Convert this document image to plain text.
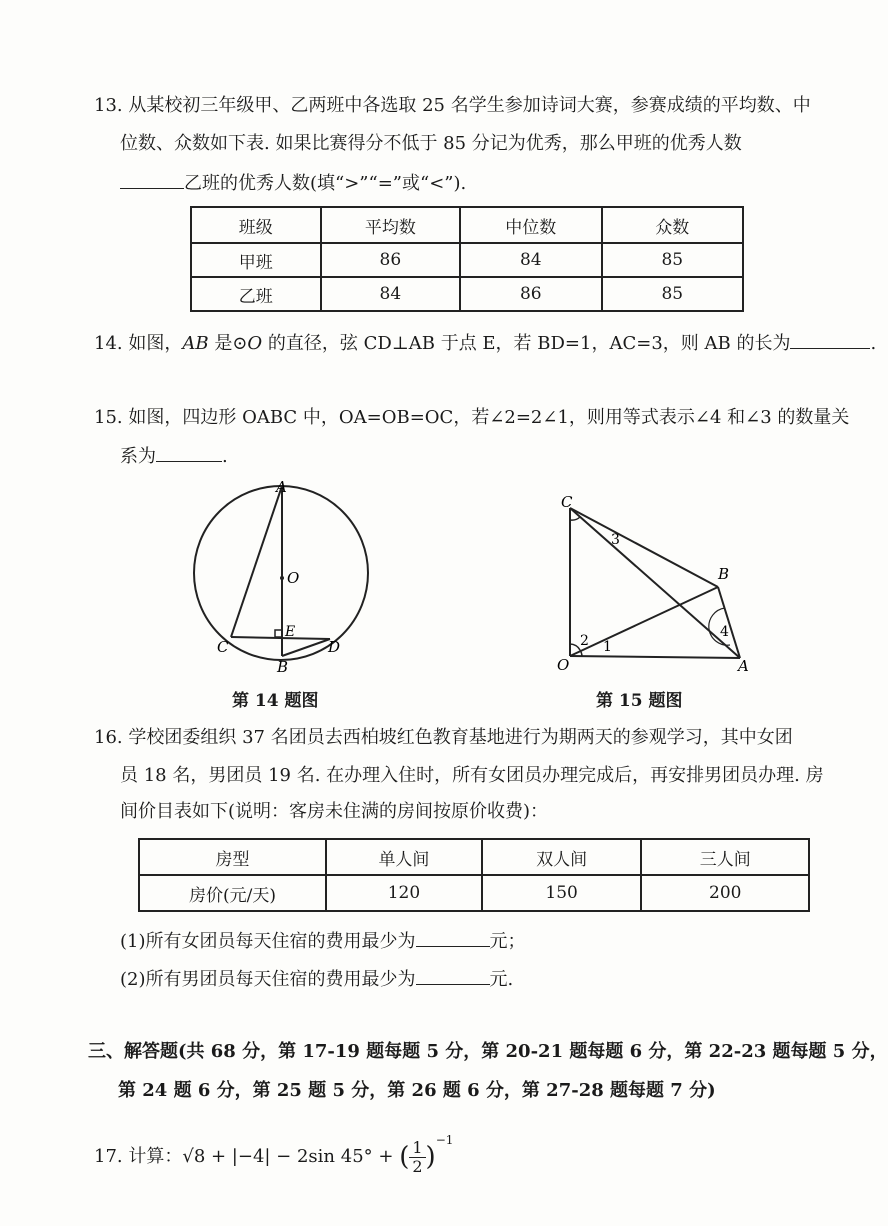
13. 从某校初三年级甲、乙两班中各选取 25 名学生参加诗词大赛，参赛成绩的平均数、中
位数、众数如下表. 如果比赛得分不低于 85 分记为优秀，那么甲班的优秀人数
乙班的优秀人数(填“>”“=”或“<”).
班级	平均数	中位数	众数
甲班	86	84	85
乙班	84	86	85
14. 如图，AB 是⊙O 的直径，弦 CD⊥AB 于点 E，若 BD=1，AC=3，则 AB 的长为	.
15. 如图，四边形 OABC 中，OA=OB=OC，若∠2=2∠1，则用等式表示∠4 和∠3 的数量关
系为	.
A
O
E
C
B
D
第 14 题图
C
B
O	A
1
2
3
4
第 15 题图
16. 学校团委组织 37 名团员去西柏坡红色教育基地进行为期两天的参观学习，其中女团
员 18 名，男团员 19 名. 在办理入住时，所有女团员办理完成后，再安排男团员办理. 房
间价目表如下(说明：客房未住满的房间按原价收费)：
房型	单人间	双人间	三人间
房价(元/天)	120	150	200
(1)所有女团员每天住宿的费用最少为	元；
(2)所有男团员每天住宿的费用最少为	元.
三、解答题(共 68 分，第 17-19 题每题 5 分，第 20-21 题每题 6 分，第 22-23 题每题 5 分，
第 24 题 6 分，第 25 题 5 分，第 26 题 6 分，第 27-28 题每题 7 分)
17. 计算：√8 + |−4| − 2sin 45° + ( $\frac{1}{2} )^{-1}$
